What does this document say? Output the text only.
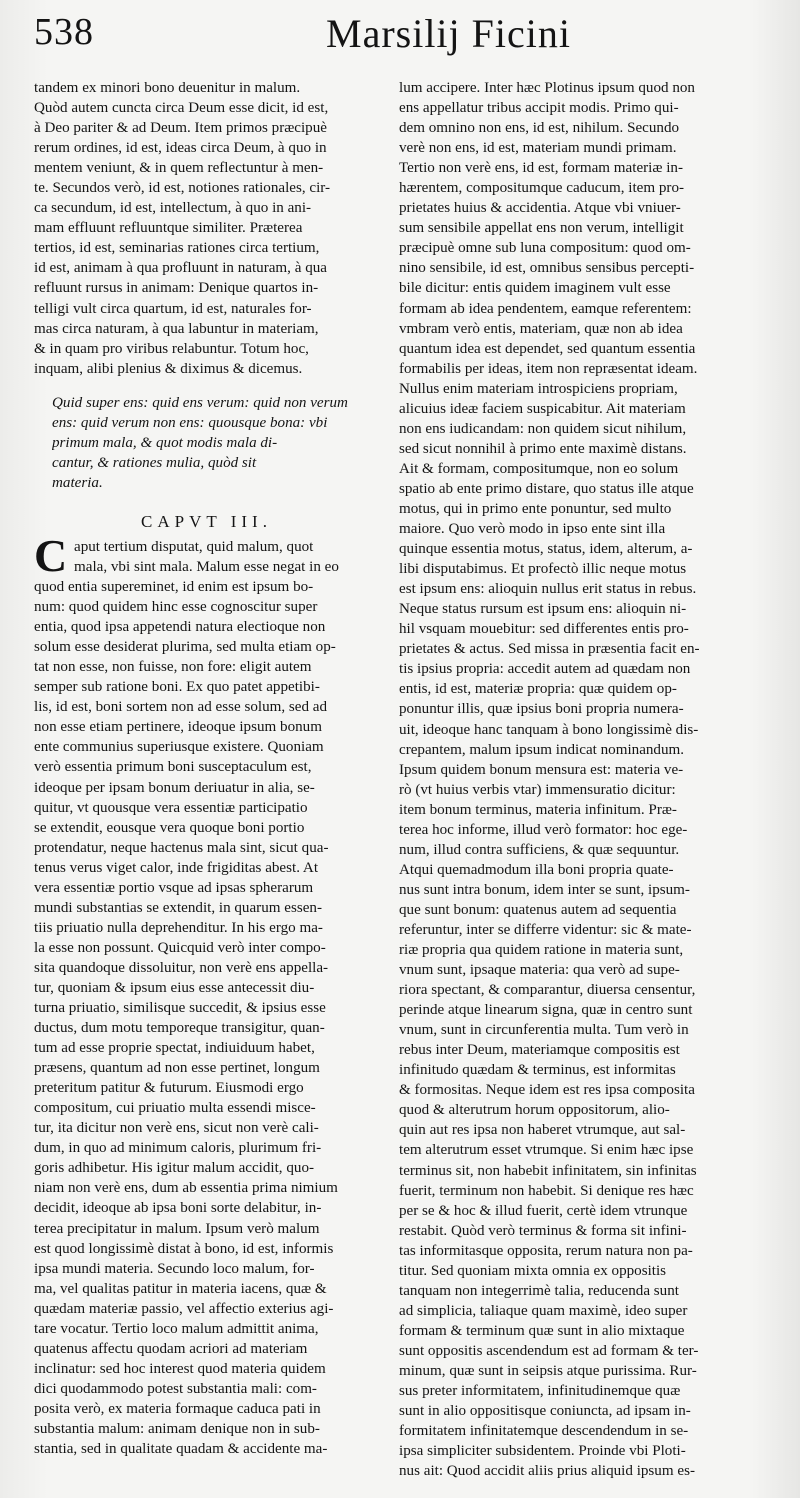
538	Marsilij Ficini
tandem ex minori bono deuenitur in malum.
Quòd autem cuncta circa Deum esse dicit, id est,
à Deo pariter & ad Deum. Item primos præcipuè
rerum ordines, id est, ideas circa Deum, à quo in
mentem veniunt, & in quem reflectuntur à men-
te. Secundos verò, id est, notiones rationales, cir-
ca secundum, id est, intellectum, à quo in ani-
mam effluunt refluuntque similiter. Præterea
tertios, id est, seminarias rationes circa tertium,
id est, animam à qua profluunt in naturam, à qua
refluunt rursus in animam: Denique quartos in-
telligi vult circa quartum, id est, naturales for-
mas circa naturam, à qua labuntur in materiam,
& in quam pro viribus relabuntur. Totum hoc,
inquam, alibi plenius & diximus & dicemus.
Quid super ens: quid ens verum: quid non verum
ens: quid verum non ens: quousque bona: vbi
primum mala, & quot modis mala di-
cantur, & rationes mulia, quòd sit
materia.
CAPVT III.
C aput tertium disputat, quid malum, quot
mala, vbi sint mala. Malum esse negat in eo
quod entia supereminet, id enim est ipsum bo-
num: quod quidem hinc esse cognoscitur super
entia, quod ipsa appetendi natura electioque non
solum esse desiderat plurima, sed multa etiam op-
tat non esse, non fuisse, non fore: eligit autem
semper sub ratione boni. Ex quo patet appetibi-
lis, id est, boni sortem non ad esse solum, sed ad
non esse etiam pertinere, ideoque ipsum bonum
ente communius superiusque existere. Quoniam
verò essentia primum boni susceptaculum est,
ideoque per ipsam bonum deriuatur in alia, se-
quitur, vt quousque vera essentiæ participatio
se extendit, eousque vera quoque boni portio
protendatur, neque hactenus mala sint, sicut qua-
tenus verus viget calor, inde frigiditas abest. At
vera essentiæ portio vsque ad ipsas spherarum
mundi substantias se extendit, in quarum essen-
tiis priuatio nulla deprehenditur. In his ergo ma-
la esse non possunt. Quicquid verò inter compo-
sita quandoque dissoluitur, non verè ens appella-
tur, quoniam & ipsum eius esse antecessit diu-
turna priuatio, similisque succedit, & ipsius esse
ductus, dum motu temporeque transigitur, quan-
tum ad esse proprie spectat, indiuiduum habet,
præsens, quantum ad non esse pertinet, longum
preteritum patitur & futurum. Eiusmodi ergo
compositum, cui priuatio multa essendi misce-
tur, ita dicitur non verè ens, sicut non verè cali-
dum, in quo ad minimum caloris, plurimum fri-
goris adhibetur. His igitur malum accidit, quo-
niam non verè ens, dum ab essentia prima nimium
decidit, ideoque ab ipsa boni sorte delabitur, in-
terea precipitatur in malum. Ipsum verò malum
est quod longissimè distat à bono, id est, informis
ipsa mundi materia. Secundo loco malum, for-
ma, vel qualitas patitur in materia iacens, quæ &
quædam materiæ passio, vel affectio exterius agi-
tare vocatur. Tertio loco malum admittit anima,
quatenus affectu quodam acriori ad materiam
inclinatur: sed hoc interest quod materia quidem
dici quodammodo potest substantia mali: com-
posita verò, ex materia formaque caduca pati in
substantia malum: animam denique non in sub-
stantia, sed in qualitate quadam & accidente ma-
lum accipere. Inter hæc Plotinus ipsum quod non
ens appellatur tribus accipit modis. Primo qui-
dem omnino non ens, id est, nihilum. Secundo
verè non ens, id est, materiam mundi primam.
Tertio non verè ens, id est, formam materiæ in-
hærentem, compositumque caducum, item pro-
prietates huius & accidentia. Atque vbi vniuer-
sum sensibile appellat ens non verum, intelligit
præcipuè omne sub luna compositum: quod om-
nino sensibile, id est, omnibus sensibus percepti-
bile dicitur: entis quidem imaginem vult esse
formam ab idea pendentem, eamque referentem:
vmbram verò entis, materiam, quæ non ab idea
quantum idea est dependet, sed quantum essentia
formabilis per ideas, item non repræsentat ideam.
Nullus enim materiam introspiciens propriam,
alicuius ideæ faciem suspicabitur. Ait materiam
non ens iudicandam: non quidem sicut nihilum,
sed sicut nonnihil à primo ente maximè distans.
Ait & formam, compositumque, non eo solum
spatio ab ente primo distare, quo status ille atque
motus, qui in primo ente ponuntur, sed multo
maiore. Quo verò modo in ipso ente sint illa
quinque essentia motus, status, idem, alterum, a-
libi disputabimus. Et profectò illic neque motus
est ipsum ens: alioquin nullus erit status in rebus.
Neque status rursum est ipsum ens: alioquin ni-
hil vsquam mouebitur: sed differentes entis pro-
prietates & actus. Sed missa in præsentia facit en-
tis ipsius propria: accedit autem ad quædam non
entis, id est, materiæ propria: quæ quidem op-
ponuntur illis, quæ ipsius boni propria numera-
uit, ideoque hanc tanquam à bono longissimè dis-
crepantem, malum ipsum indicat nominandum.
Ipsum quidem bonum mensura est: materia ve-
rò (vt huius verbis vtar) immensuratio dicitur:
item bonum terminus, materia infinitum. Præ-
terea hoc informe, illud verò formator: hoc ege-
num, illud contra sufficiens, & quæ sequuntur.
Atqui quemadmodum illa boni propria quate-
nus sunt intra bonum, idem inter se sunt, ipsum-
que sunt bonum: quatenus autem ad sequentia
referuntur, inter se differre videntur: sic & mate-
riæ propria qua quidem ratione in materia sunt,
vnum sunt, ipsaque materia: qua verò ad supe-
riora spectant, & comparantur, diuersa censentur,
perinde atque linearum signa, quæ in centro sunt
vnum, sunt in circunferentia multa. Tum verò in
rebus inter Deum, materiamque compositis est
infinitudo quædam & terminus, est informitas
& formositas. Neque idem est res ipsa composita
quod & alterutrum horum oppositorum, alio-
quin aut res ipsa non haberet vtrumque, aut sal-
tem alterutrum esset vtrumque. Si enim hæc ipse
terminus sit, non habebit infinitatem, sin infinitas
fuerit, terminum non habebit. Si denique res hæc
per se & hoc & illud fuerit, certè idem vtrunque
restabit. Quòd verò terminus & forma sit infini-
tas informitasque opposita, rerum natura non pa-
titur. Sed quoniam mixta omnia ex oppositis
tanquam non integerrimè talia, reducenda sunt
ad simplicia, taliaque quam maximè, ideo super
formam & terminum quæ sunt in alio mixtaque
sunt oppositis ascendendum est ad formam & ter-
minum, quæ sunt in seipsis atque purissima. Rur-
sus preter informitatem, infinitudinemque quæ
sunt in alio oppositisque coniuncta, ad ipsam in-
formitatem infinitatemque descendendum in se-
ipsa simpliciter subsidentem. Proinde vbi Ploti-
nus ait: Quod accidit aliis prius aliquid ipsum es-
